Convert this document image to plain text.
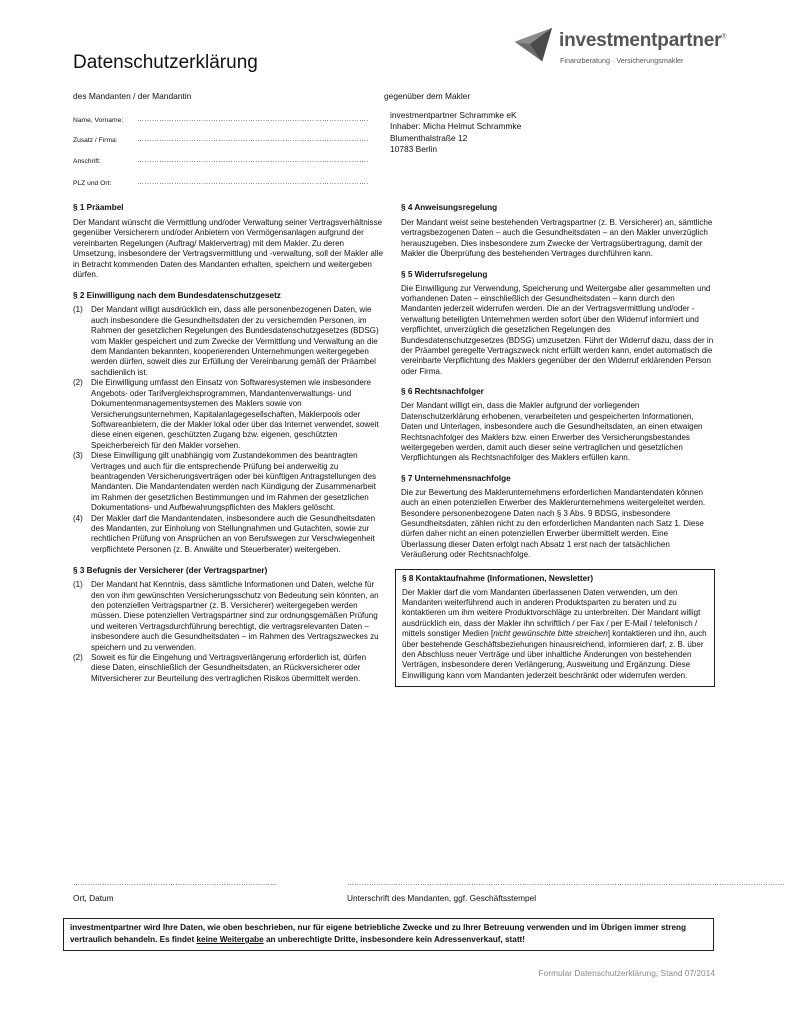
Datenschutzerklärung
investmentpartner®
Finanzberatung · Versicherungsmakler
des Mandanten / der Mandantin	gegenüber dem Makler
Name, Vorname: ………………………………………………………………………………….
Zusatz / Firma:	………………………………………………………………………………….
Anschrift:	………………………………………………………………………………….
PLZ und Ort:	………………………………………………………………………………….
investmentpartner Schrammke eK
Inhaber: Micha Helmut Schrammke
Blumenthalstraße 12
10783 Berlin
§ 1 Präambel

Der Mandant wünscht die Vermittlung und/oder Verwaltung seiner Vertragsverhältnisse gegenüber Versicherern und/oder Anbietern von Vermögensanlagen aufgrund der vereinbarten Regelungen (Auftrag/ Maklervertrag) mit dem Makler. Zu deren Umsetzung, insbesondere der Vertragsvermittlung und -verwaltung, soll der Makler alle in Betracht kommenden Daten des Mandanten erhalten, speichern und weitergeben dürfen.

§ 2 Einwilligung nach dem Bundesdatenschutzgesetz
(1)	Der Mandant willigt ausdrücklich ein, dass alle personenbezogenen Daten, wie auch insbesondere die Gesundheitsdaten der zu versichernden Personen, im Rahmen der gesetzlichen Regelungen des Bundesdatenschutzgesetzes (BDSG) vom Makler gespeichert und zum Zwecke der Vermittlung und Verwaltung an die dem Mandanten bekannten, kooperierenden Unternehmungen weitergegeben werden dürfen, soweit dies zur Erfüllung der Vereinbarung gemäß der Präambel sachdienlich ist.
(2)	Die Einwilligung umfasst den Einsatz von Softwaresystemen wie insbesondere Angebots- oder Tarifvergleichsprogrammen, Mandantenverwaltungs- und Dokumentenmanagementsystemen des Maklers sowie von Versicherungsunternehmen, Kapitalanlagegesellschaften, Maklerpools oder Softwareanbietern, die der Makler lokal oder über das Internet verwendet, soweit diese einen eigenen, geschützten Zugang bzw. eigenen, geschützten Speicherbereich für den Makler vorsehen.
(3)	Diese Einwilligung gilt unabhängig vom Zustandekommen des beantragten Vertrages und auch für die entsprechende Prüfung bei anderweitig zu beantragenden Versicherungsverträgen oder bei künftigen Antragstellungen des Mandanten. Die Mandantendaten werden nach Kündigung der Zusammenarbeit im Rahmen der gesetzlichen Bestimmungen und im Rahmen der gesetzlichen Dokumentations- und Aufbewahrungspflichten des Maklers gelöscht.
(4)	Der Makler darf die Mandantendaten, insbesondere auch die Gesundheitsdaten des Mandanten, zur Einholung von Stellungnahmen und Gutachten, sowie zur rechtlichen Prüfung von Ansprüchen an von Berufswegen zur Verschwiegenheit verpflichtete Personen (z. B. Anwälte und Steuerberater) weitergeben.
§ 3 Befugnis der Versicherer (der Vertragspartner)
(1)	Der Mandant hat Kenntnis, dass sämtliche Informationen und Daten, welche für den von ihm gewünschten Versicherungsschutz von Bedeutung sein könnten, an den potenziellen Vertragspartner (z. B. Versicherer) weitergegeben werden müssen. Diese potenziellen Vertragspartner sind zur ordnungsgemäßen Prüfung und weiteren Vertragsdurchführung berechtigt, die vertragsrelevanten Daten – insbesondere auch die Gesundheitsdaten – im Rahmen des Vertragszweckes zu speichern und zu verwenden.
(2)	Soweit es für die Eingehung und Vertragsverlängerung erforderlich ist, dürfen diese Daten, einschließlich der Gesundheitsdaten, an Rückversicherer oder Mitversicherer zur Beurteilung des vertraglichen Risikos übermittelt werden.
§ 4 Anweisungsregelung

Der Mandant weist seine bestehenden Vertragspartner (z. B. Versicherer) an, sämtliche vertragsbezogenen Daten – auch die Gesundheitsdaten – an den Makler unverzüglich herauszugeben. Dies insbesondere zum Zwecke der Vertragsübertragung, damit der Makler die Überprüfung des bestehenden Vertrages durchführen kann.

§ 5 Widerrufsregelung

Die Einwilligung zur Verwendung, Speicherung und Weitergabe aller gesammelten und vorhandenen Daten – einschließlich der Gesundheitsdaten – kann durch den Mandanten jederzeit widerrufen werden. Die an der Vertragsvermittlung und/oder -verwaltung beteiligten Unternehmen werden sofort über den Widerruf informiert und verpflichtet, unverzüglich die gesetzlichen Regelungen des Bundesdatenschutzgesetzes (BDSG) umzusetzen. Führt der Widerruf dazu, dass der in der Präambel geregelte Vertragszweck nicht erfüllt werden kann, endet automatisch die vereinbarte Verpflichtung des Maklers gegenüber der den Widerruf erklärenden Person oder Firma.

§ 6 Rechtsnachfolger

Der Mandant willigt ein, dass die Makler aufgrund der vorliegenden Datenschutzerklärung erhobenen, verarbeiteten und gespeicherten Informationen, Daten und Unterlagen, insbesondere auch die Gesundheitsdaten, an einen etwaigen Rechtsnachfolger des Maklers bzw. einen Erwerber des Versicherungsbestandes weitergegeben werden, damit auch dieser seine vertraglichen und gesetzlichen Verpflichtungen als Rechtsnachfolger des Maklers erfüllen kann.

§ 7 Unternehmensnachfolge

Die zur Bewertung des Maklerunternehmens erforderlichen Mandantendaten können auch an einen potenziellen Erwerber des Maklerunternehmens weitergeleitet werden. Besondere personenbezogene Daten nach § 3 Abs. 9 BDSG, insbesondere Gesundheitsdaten, zählen nicht zu den erforderlichen Mandanten nach Satz 1. Diese dürfen daher nicht an einen potenziellen Erwerber übermittelt werden. Eine Überlassung dieser Daten erfolgt nach Absatz 1 erst nach der tatsächlichen Veräußerung oder Rechtsnachfolge.

§ 8 Kontaktaufnahme (Informationen, Newsletter)

Der Makler darf die vom Mandanten überlassenen Daten verwenden, um den Mandanten weiterführend auch in anderen Produktsparten zu beraten und zu kontaktieren um ihm weitere Produktvorschläge zu unterbreiten. Der Mandant willigt ausdrücklich ein, dass der Makler ihn schriftlich / per Fax / per E-Mail / telefonisch / mittels sonstiger Medien [nicht gewünschte bitte streichen] kontaktieren und ihn, auch über bestehende Geschäftsbeziehungen hinausreichend, informieren darf, z. B. über den Abschluss neuer Verträge und über inhaltliche Änderungen von bestehenden Verträgen, insbesondere deren Verlängerung, Ausweitung und Ergänzung. Diese Einwilligung kann vom Mandanten jederzeit beschränkt oder widerrufen werden.

…………………………………………………………………………
Ort, Datum
………………………………………………………………………………………………………………………………………………………………
Unterschrift des Mandanten, ggf. Geschäftsstempel
investmentpartner wird Ihre Daten, wie oben beschrieben, nur für eigene betriebliche Zwecke und zu Ihrer Betreuung verwenden und im Übrigen immer streng vertraulich behandeln. Es findet keine Weitergabe an unberechtigte Dritte, insbesondere kein Adressenverkauf, statt!
Formular Datenschutzerklärung, Stand 07/2014
